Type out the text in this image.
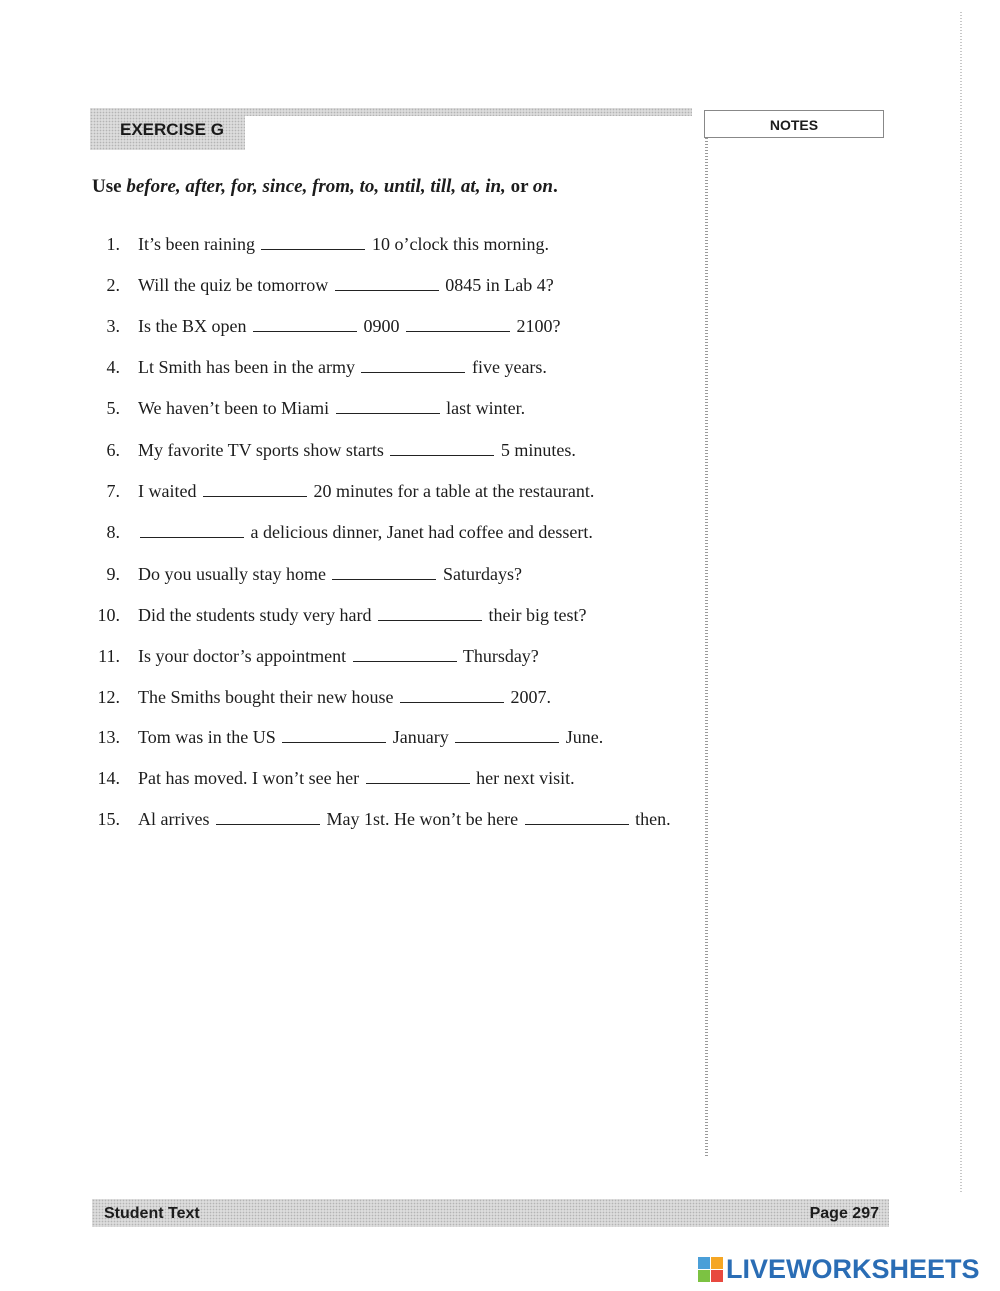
EXERCISE G	NOTES
Use before, after, for, since, from, to, until, till, at, in, or on.
1. It’s been raining	10 o’clock this morning.
2. Will the quiz be tomorrow	0845 in Lab 4?
3. Is the BX open	0900	2100?
4. Lt Smith has been in the army	five years.
5. We haven’t been to Miami	last winter.
6. My favorite TV sports show starts	5 minutes.
7. I waited	20 minutes for a table at the restaurant.
8.	a delicious dinner, Janet had coffee and dessert.
9. Do you usually stay home	Saturdays?
10. Did the students study very hard	their big test?
11. Is your doctor’s appointment	Thursday?
12. The Smiths bought their new house	2007.
13. Tom was in the US	January	June.
14. Pat has moved. I won’t see her	her next visit.
15. Al arrives	May 1st. He won’t be here	then.
Student Text	Page 297
LIVEWORKSHEETS
